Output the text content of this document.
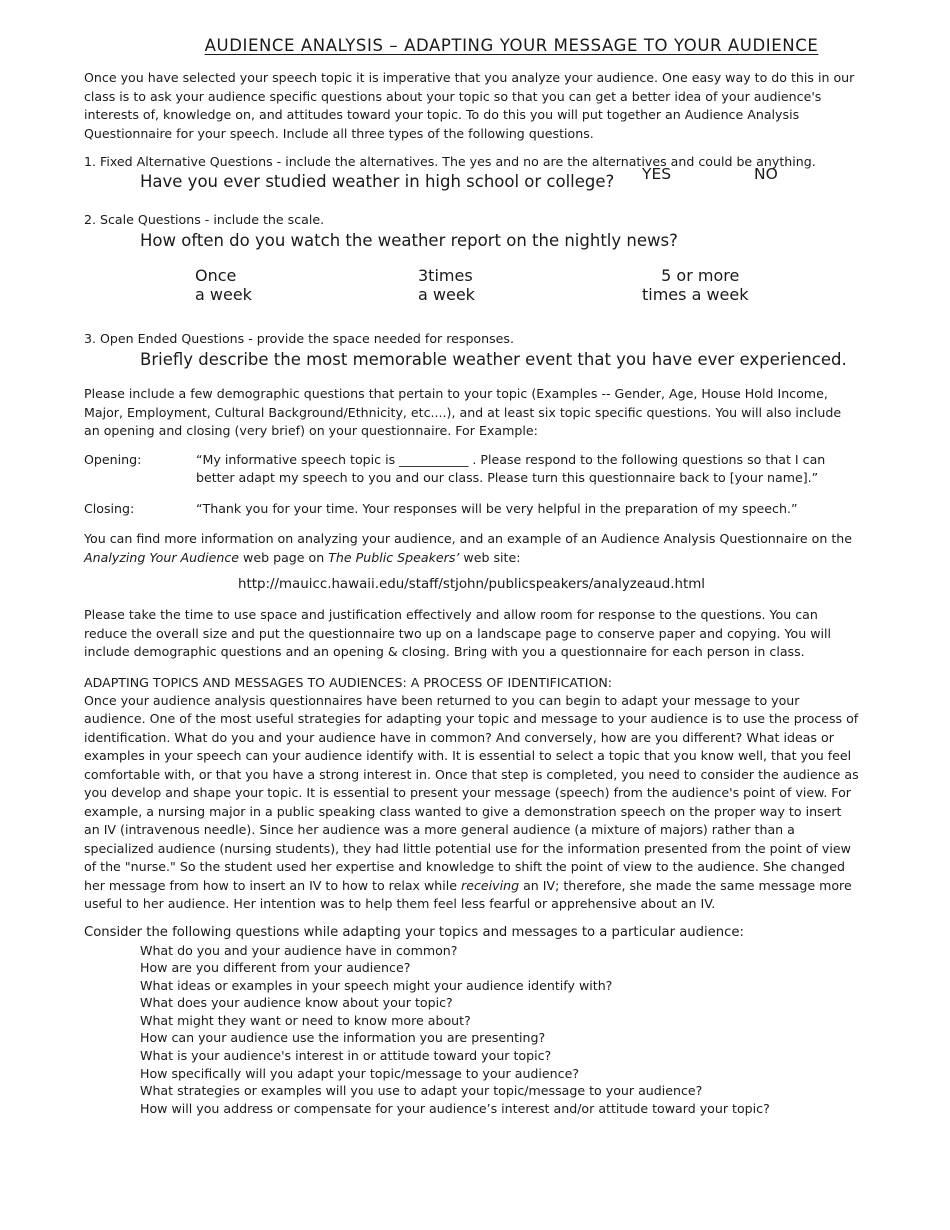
AUDIENCE ANALYSIS – ADAPTING YOUR MESSAGE TO YOUR AUDIENCE

Once you have selected your speech topic it is imperative that you analyze your audience. One easy way to do this in our class is to ask your audience specific questions about your topic so that you can get a better idea of your audience's interests of, knowledge on, and attitudes toward your topic. To do this you will put together an Audience Analysis Questionnaire for your speech. Include all three types of the following questions.

1. Fixed Alternative Questions - include the alternatives. The yes and no are the alternatives and could be anything.
Have you ever studied weather in high school or college? YES	NO
2. Scale Questions - include the scale.
How often do you watch the weather report on the nightly news?
Once
a week
3times
a week
5 or more
times a week
3. Open Ended Questions - provide the space needed for responses.
Briefly describe the most memorable weather event that you have ever experienced.

Please include a few demographic questions that pertain to your topic (Examples -- Gender, Age, House Hold Income, Major, Employment, Cultural Background/Ethnicity, etc....), and at least six topic specific questions. You will also include an opening and closing (very brief) on your questionnaire. For Example:

Opening:	“My informative speech topic is ___________ . Please respond to the following questions so that I can better adapt my speech to you and our class. Please turn this questionnaire back to [your name].”
Closing:	“Thank you for your time. Your responses will be very helpful in the preparation of my speech.”

You can find more information on analyzing your audience, and an example of an Audience Analysis Questionnaire on the Analyzing Your Audience web page on The Public Speakers’ web site:

http://mauicc.hawaii.edu/staff/stjohn/publicspeakers/analyzeaud.html

Please take the time to use space and justification effectively and allow room for response to the questions. You can reduce the overall size and put the questionnaire two up on a landscape page to conserve paper and copying. You will include demographic questions and an opening & closing. Bring with you a questionnaire for each person in class.

ADAPTING TOPICS AND MESSAGES TO AUDIENCES: A PROCESS OF IDENTIFICATION:

Once your audience analysis questionnaires have been returned to you can begin to adapt your message to your audience. One of the most useful strategies for adapting your topic and message to your audience is to use the process of identification. What do you and your audience have in common? And conversely, how are you different? What ideas or examples in your speech can your audience identify with. It is essential to select a topic that you know well, that you feel comfortable with, or that you have a strong interest in. Once that step is completed, you need to consider the audience as you develop and shape your topic. It is essential to present your message (speech) from the audience's point of view. For example, a nursing major in a public speaking class wanted to give a demonstration speech on the proper way to insert an IV (intravenous needle). Since her audience was a more general audience (a mixture of majors) rather than a specialized audience (nursing students), they had little potential use for the information presented from the point of view of the "nurse." So the student used her expertise and knowledge to shift the point of view to the audience. She changed her message from how to insert an IV to how to relax while receiving an IV; therefore, she made the same message more useful to her audience. Her intention was to help them feel less fearful or apprehensive about an IV.

Consider the following questions while adapting your topics and messages to a particular audience:
What do you and your audience have in common?
How are you different from your audience?
What ideas or examples in your speech might your audience identify with?
What does your audience know about your topic?
What might they want or need to know more about?
How can your audience use the information you are presenting?
What is your audience's interest in or attitude toward your topic?
How specifically will you adapt your topic/message to your audience?
What strategies or examples will you use to adapt your topic/message to your audience?
How will you address or compensate for your audience’s interest and/or attitude toward your topic?
